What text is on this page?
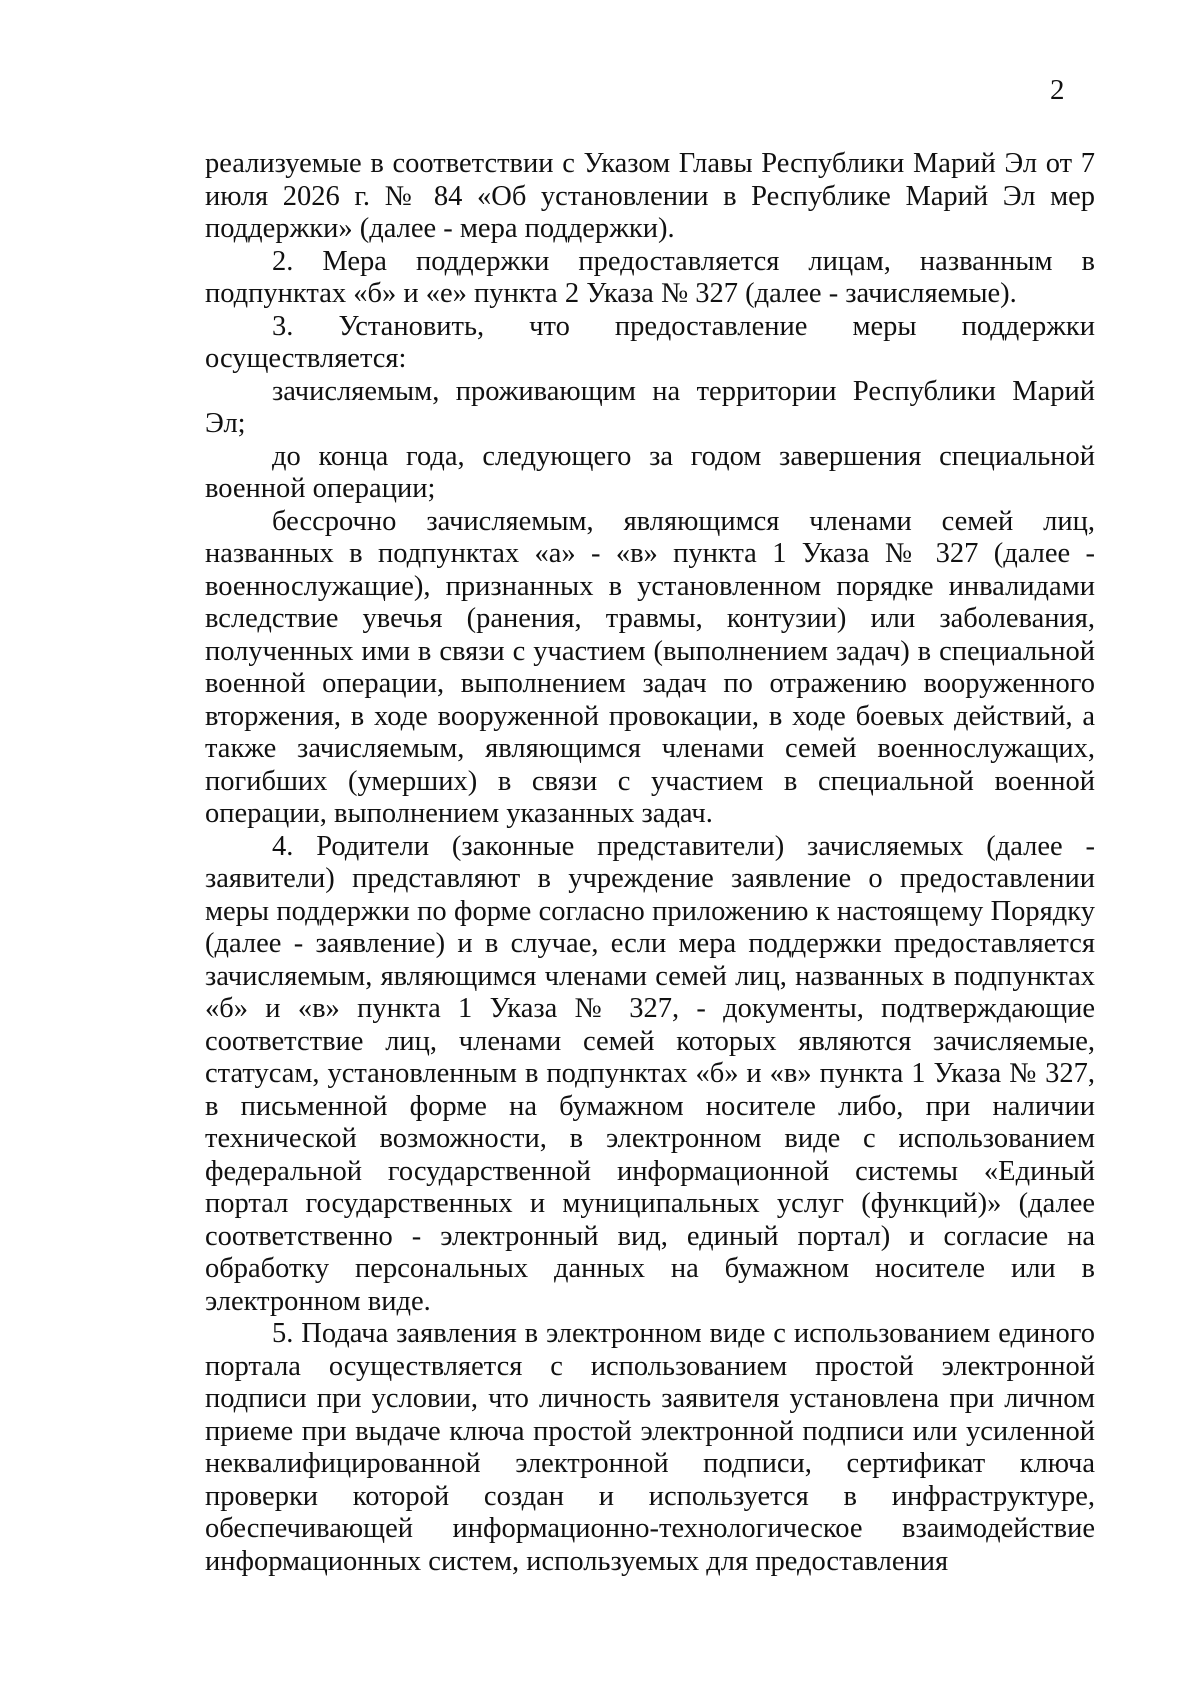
2

реализуемые в соответствии с Указом Главы Республики Марий Эл от 7 июля 2026 г. № 84 «Об установлении в Республике Марий Эл мер поддержки» (далее - мера поддержки).

2. Мера поддержки предоставляется лицам, названным в подпунктах «б» и «е» пункта 2 Указа № 327 (далее - зачисляемые).

3. Установить, что предоставление меры поддержки осуществляется:

зачисляемым, проживающим на территории Республики Марий Эл;

до конца года, следующего за годом завершения специальной военной операции;

бессрочно зачисляемым, являющимся членами семей лиц, названных в подпунктах «а» - «в» пункта 1 Указа № 327 (далее - военнослужащие), признанных в установленном порядке инвалидами вследствие увечья (ранения, травмы, контузии) или заболевания, полученных ими в связи с участием (выполнением задач) в специальной военной операции, выполнением задач по отражению вооруженного вторжения, в ходе вооруженной провокации, в ходе боевых действий, а также зачисляемым, являющимся членами семей военнослужащих, погибших (умерших) в связи с участием в специальной военной операции, выполнением указанных задач.

4. Родители (законные представители) зачисляемых (далее - заявители) представляют в учреждение заявление о предоставлении меры поддержки по форме согласно приложению к настоящему Порядку (далее - заявление) и в случае, если мера поддержки предоставляется зачисляемым, являющимся членами семей лиц, названных в подпунктах «б» и «в» пункта 1 Указа № 327, - документы, подтверждающие соответствие лиц, членами семей которых являются зачисляемые, статусам, установленным в подпунктах «б» и «в» пункта 1 Указа № 327, в письменной форме на бумажном носителе либо, при наличии технической возможности, в электронном виде с использованием федеральной государственной информационной системы «Единый портал государственных и муниципальных услуг (функций)» (далее соответственно - электронный вид, единый портал) и согласие на обработку персональных данных на бумажном носителе или в электронном виде.

5. Подача заявления в электронном виде с использованием единого портала осуществляется с использованием простой электронной подписи при условии, что личность заявителя установлена при личном приеме при выдаче ключа простой электронной подписи или усиленной неквалифицированной электронной подписи, сертификат ключа проверки которой создан и используется в инфраструктуре, обеспечивающей информационно-технологическое взаимодействие информационных систем, используемых для предоставления
